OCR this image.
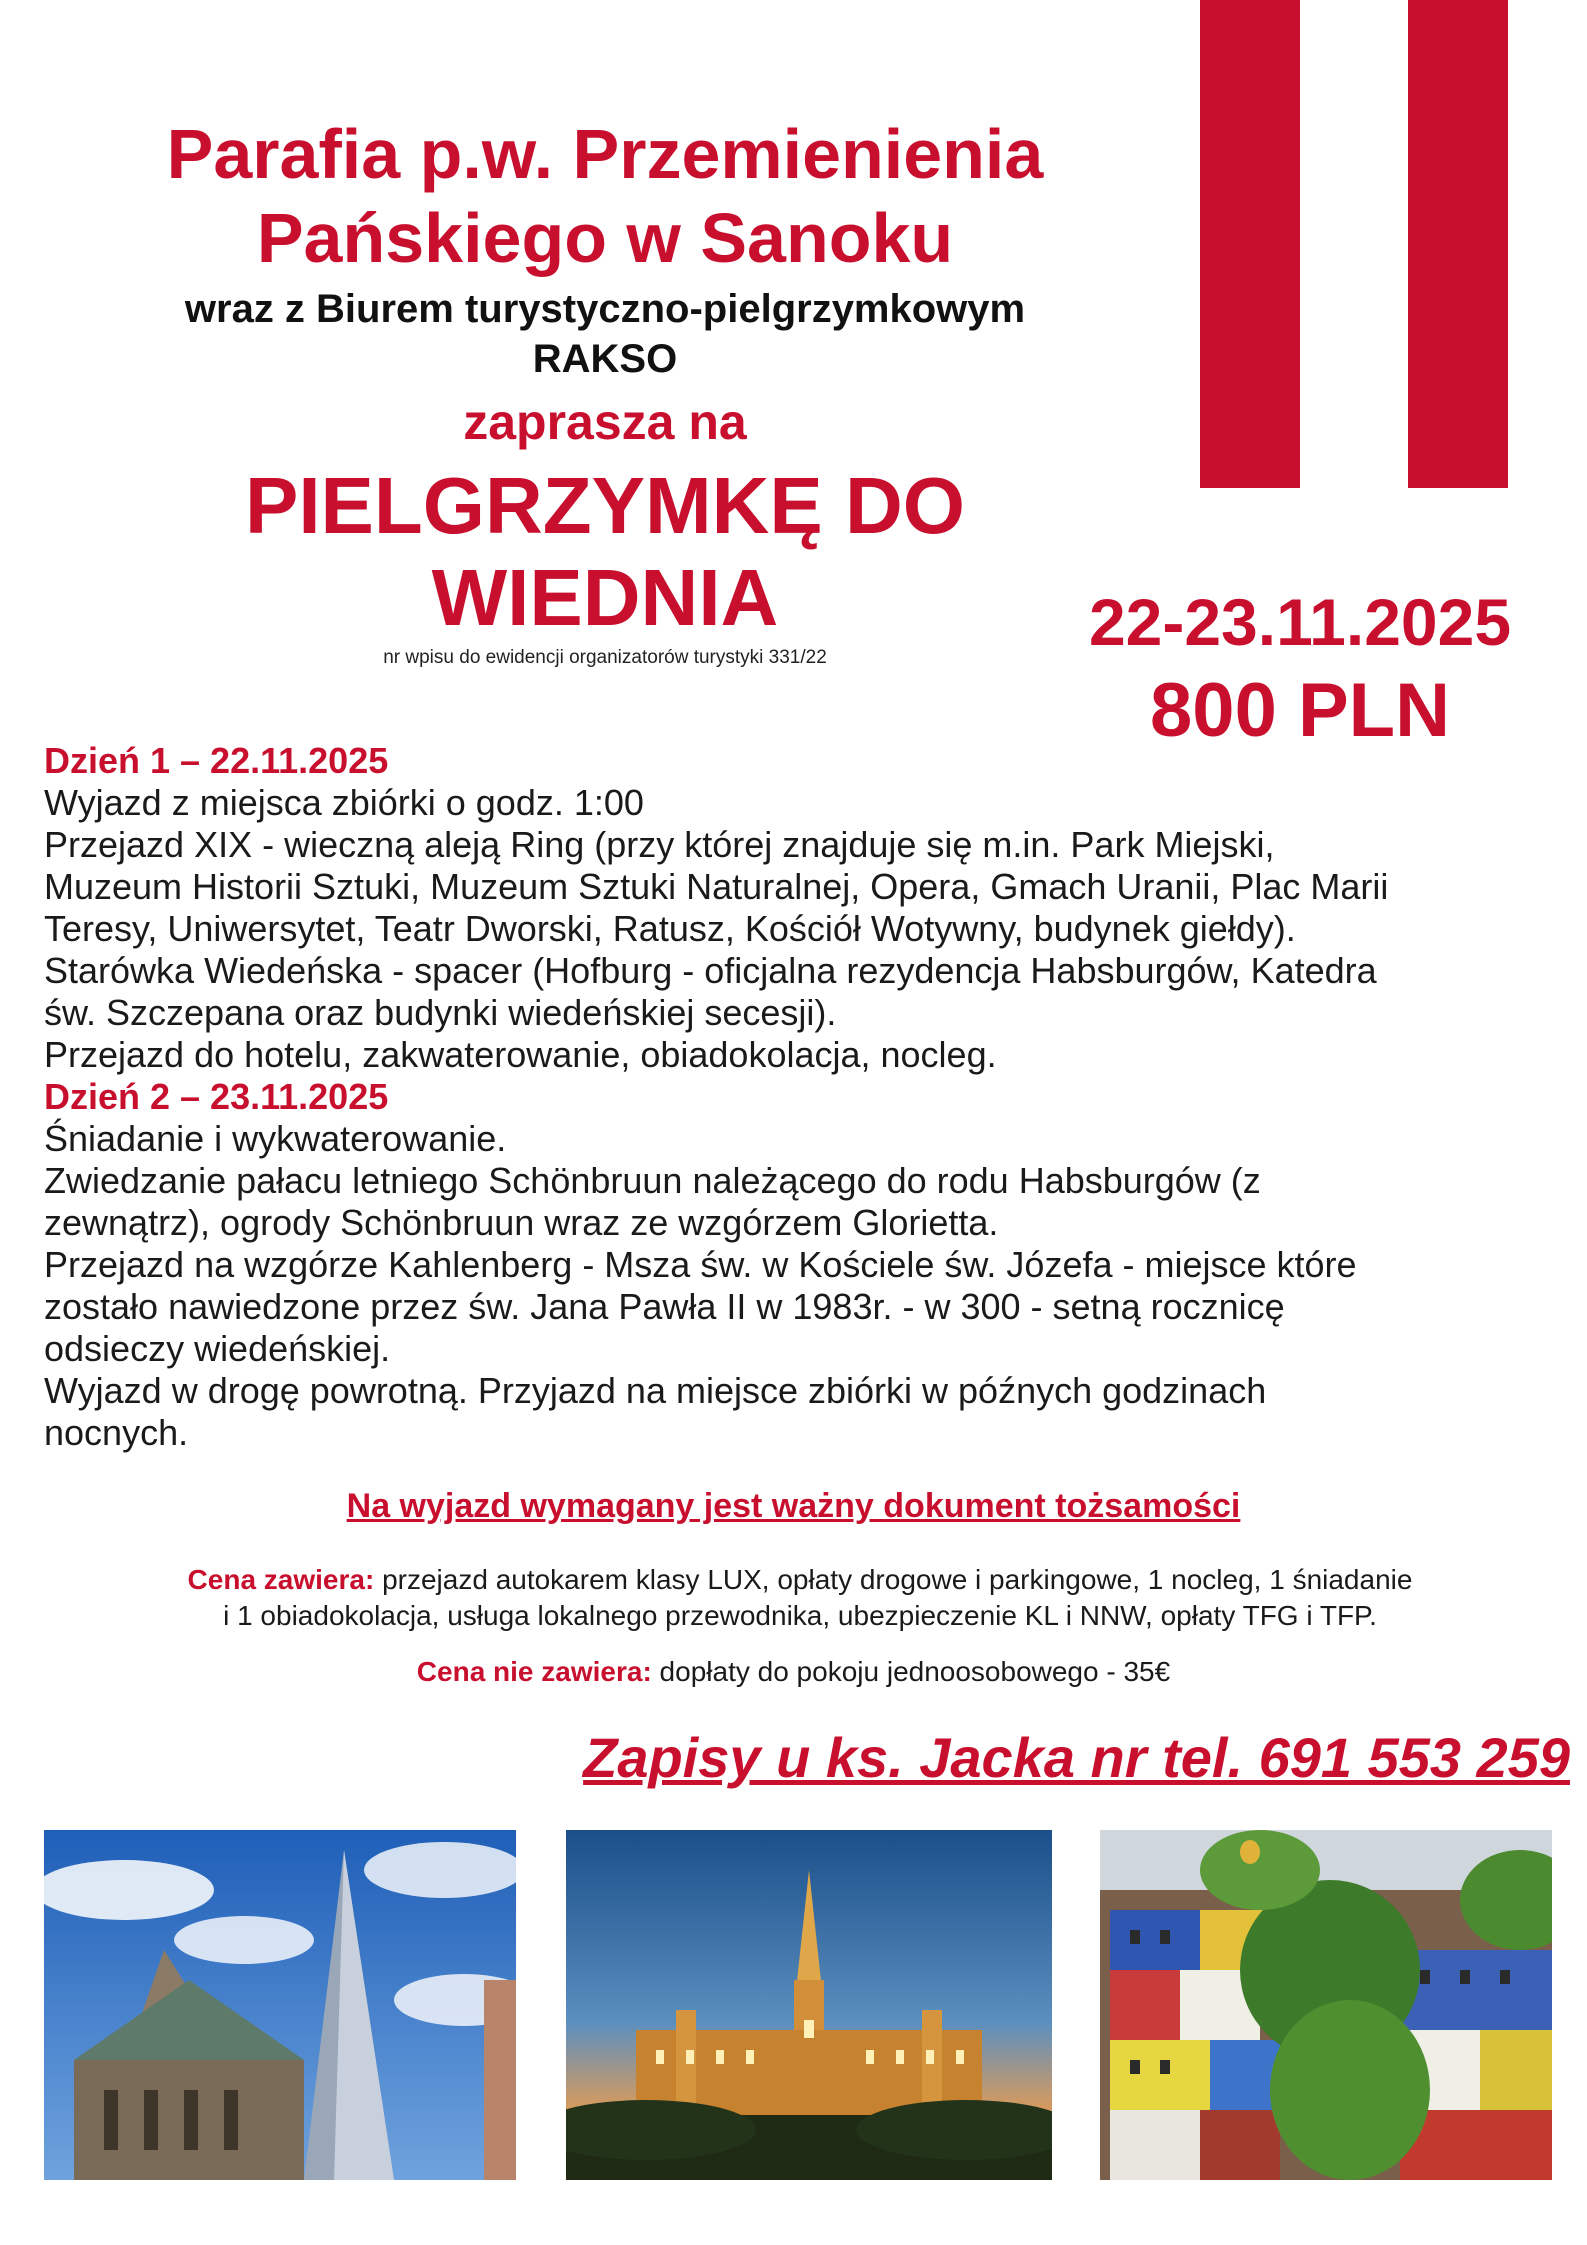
Parafia p.w. Przemienienia
Pańskiego w Sanoku
wraz z Biurem turystyczno-pielgrzymkowym
RAKSO
zaprasza na
PIELGRZYMKĘ DO
WIEDNIA
nr wpisu do ewidencji organizatorów turystyki 331/22	22-23.11.2025
800 PLN
Dzień 1 – 22.11.2025
Wyjazd z miejsca zbiórki o godz. 1:00
Przejazd XIX - wieczną aleją Ring (przy której znajduje się m.in. Park Miejski,
Muzeum Historii Sztuki, Muzeum Sztuki Naturalnej, Opera, Gmach Uranii, Plac Marii
Teresy, Uniwersytet, Teatr Dworski, Ratusz, Kościół Wotywny, budynek giełdy).
Starówka Wiedeńska - spacer (Hofburg - oficjalna rezydencja Habsburgów, Katedra
św. Szczepana oraz budynki wiedeńskiej secesji).
Przejazd do hotelu, zakwaterowanie, obiadokolacja, nocleg.
Dzień 2 – 23.11.2025
Śniadanie i wykwaterowanie.
Zwiedzanie pałacu letniego Schönbruun należącego do rodu Habsburgów (z
zewnątrz), ogrody Schönbruun wraz ze wzgórzem Glorietta.
Przejazd na wzgórze Kahlenberg - Msza św. w Kościele św. Józefa - miejsce które
zostało nawiedzone przez św. Jana Pawła II w 1983r. - w 300 - setną rocznicę
odsieczy wiedeńskiej.
Wyjazd w drogę powrotną. Przyjazd na miejsce zbiórki w późnych godzinach
nocnych.
Na wyjazd wymagany jest ważny dokument tożsamości
Cena zawiera: przejazd autokarem klasy LUX, opłaty drogowe i parkingowe, 1 nocleg, 1 śniadanie
i 1 obiadokolacja, usługa lokalnego przewodnika, ubezpieczenie KL i NNW, opłaty TFG i TFP.
Cena nie zawiera: dopłaty do pokoju jednoosobowego - 35€
Zapisy u ks. Jacka nr tel. 691 553 259
